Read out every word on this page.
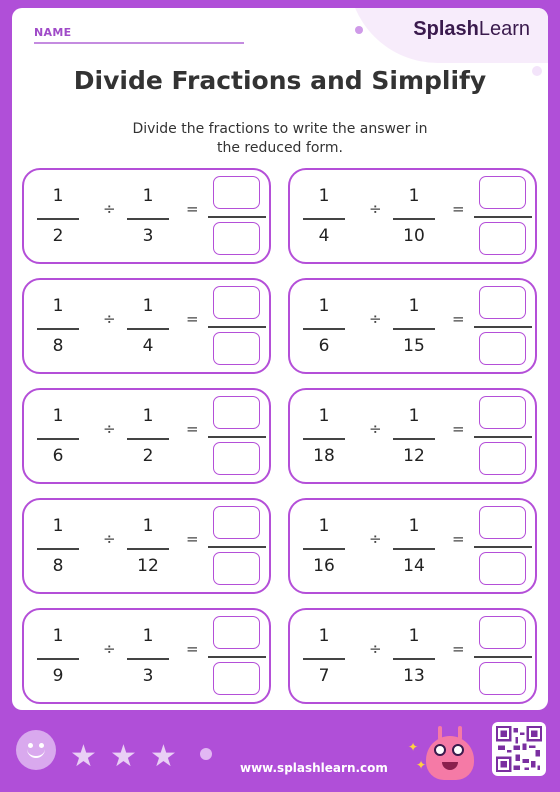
NAME	SplashLearn
Divide Fractions and Simplify

Divide the fractions to write the answer in the reduced form.

1
2
÷
1
3
=
1
4
÷
1
10
=
1
8
÷
1
4
=
1
6
÷
1
15
=
1
6
÷
1
2
=
1
18
÷
1
12
=
1
8
÷
1
12
=
1
16
÷
1
14
=
1
9
÷
1
3
=
1
7
÷
1
13
=
★ ★ ★	www.splashlearn.com
✦
✦
